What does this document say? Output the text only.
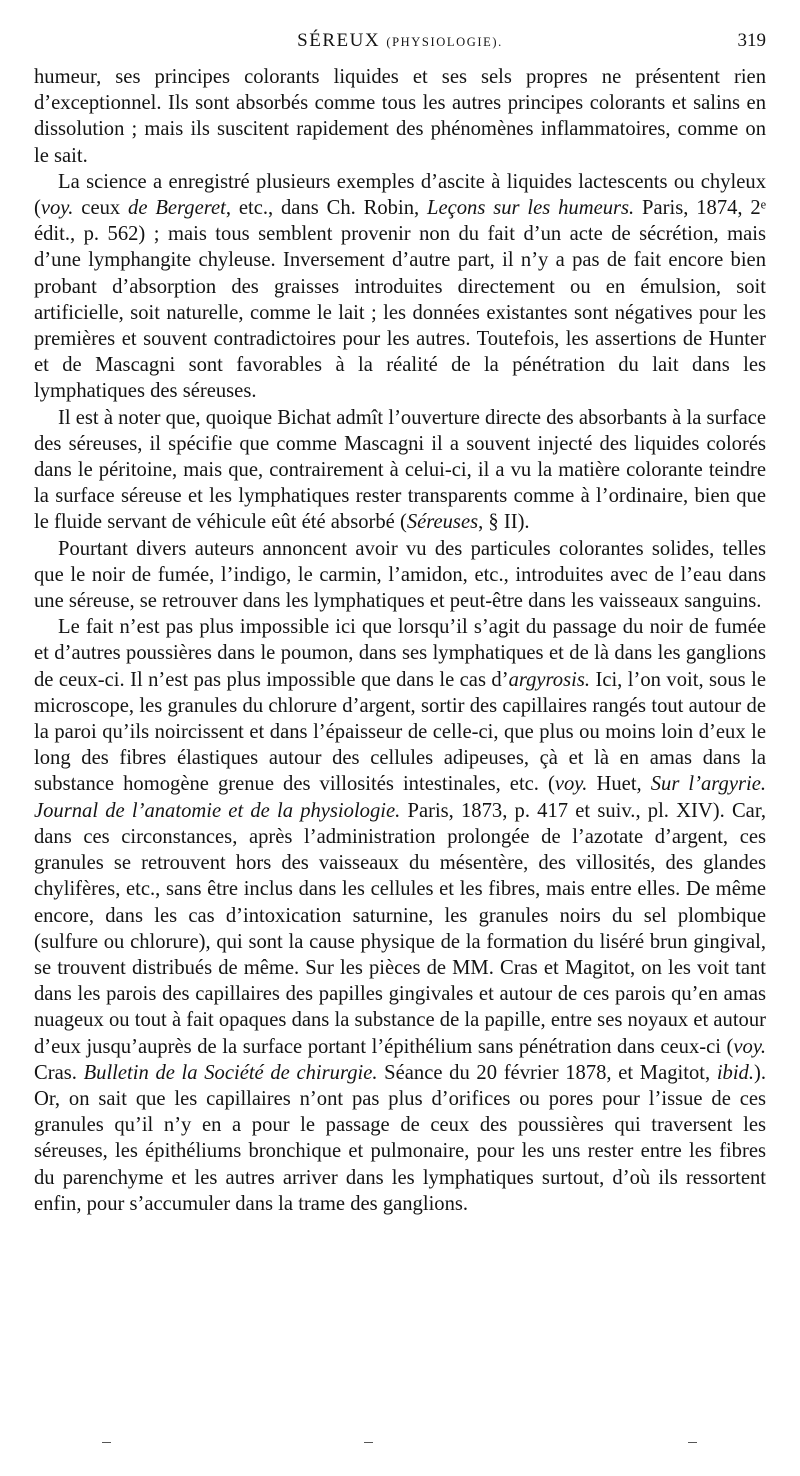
SÉREUX (PHYSIOLOGIE).	319

humeur, ses principes colorants liquides et ses sels propres ne présentent rien d’exceptionnel. Ils sont absorbés comme tous les autres principes colorants et salins en dissolution ; mais ils suscitent rapidement des phénomènes inflammatoires, comme on le sait.

La science a enregistré plusieurs exemples d’ascite à liquides lactescents ou chyleux (voy. ceux de Bergeret, etc., dans Ch. Robin, Leçons sur les humeurs. Paris, 1874, 2ᵉ édit., p. 562) ; mais tous semblent provenir non du fait d’un acte de sécrétion, mais d’une lymphangite chyleuse. Inversement d’autre part, il n’y a pas de fait encore bien probant d’absorption des graisses introduites directement ou en émulsion, soit artificielle, soit naturelle, comme le lait ; les données existantes sont négatives pour les premières et souvent contradictoires pour les autres. Toutefois, les assertions de Hunter et de Mascagni sont favorables à la réalité de la pénétration du lait dans les lymphatiques des séreuses.

Il est à noter que, quoique Bichat admît l’ouverture directe des absorbants à la surface des séreuses, il spécifie que comme Mascagni il a souvent injecté des liquides colorés dans le péritoine, mais que, contrairement à celui-ci, il a vu la matière colorante teindre la surface séreuse et les lymphatiques rester transparents comme à l’ordinaire, bien que le fluide servant de véhicule eût été absorbé (Séreuses, § II).

Pourtant divers auteurs annoncent avoir vu des particules colorantes solides, telles que le noir de fumée, l’indigo, le carmin, l’amidon, etc., introduites avec de l’eau dans une séreuse, se retrouver dans les lymphatiques et peut-être dans les vaisseaux sanguins.

Le fait n’est pas plus impossible ici que lorsqu’il s’agit du passage du noir de fumée et d’autres poussières dans le poumon, dans ses lymphatiques et de là dans les ganglions de ceux-ci. Il n’est pas plus impossible que dans le cas d’argyrosis. Ici, l’on voit, sous le microscope, les granules du chlorure d’argent, sortir des capillaires rangés tout autour de la paroi qu’ils noircissent et dans l’épaisseur de celle-ci, que plus ou moins loin d’eux le long des fibres élastiques autour des cellules adipeuses, çà et là en amas dans la substance homogène grenue des villosités intestinales, etc. (voy. Huet, Sur l’argyrie. Journal de l’anatomie et de la physiologie. Paris, 1873, p. 417 et suiv., pl. XIV). Car, dans ces circonstances, après l’administration prolongée de l’azotate d’argent, ces granules se retrouvent hors des vaisseaux du mésentère, des villosités, des glandes chylifères, etc., sans être inclus dans les cellules et les fibres, mais entre elles. De même encore, dans les cas d’intoxication saturnine, les granules noirs du sel plombique (sulfure ou chlorure), qui sont la cause physique de la formation du liséré brun gingival, se trouvent distribués de même. Sur les pièces de MM. Cras et Magitot, on les voit tant dans les parois des capillaires des papilles gingivales et autour de ces parois qu’en amas nuageux ou tout à fait opaques dans la substance de la papille, entre ses noyaux et autour d’eux jusqu’auprès de la surface portant l’épithélium sans pénétration dans ceux-ci (voy. Cras. Bulletin de la Société de chirurgie. Séance du 20 février 1878, et Magitot, ibid.). Or, on sait que les capillaires n’ont pas plus d’orifices ou pores pour l’issue de ces granules qu’il n’y en a pour le passage de ceux des poussières qui traversent les séreuses, les épithéliums bronchique et pulmonaire, pour les uns rester entre les fibres du parenchyme et les autres arriver dans les lymphatiques surtout, d’où ils ressortent enfin, pour s’accumuler dans la trame des ganglions.
